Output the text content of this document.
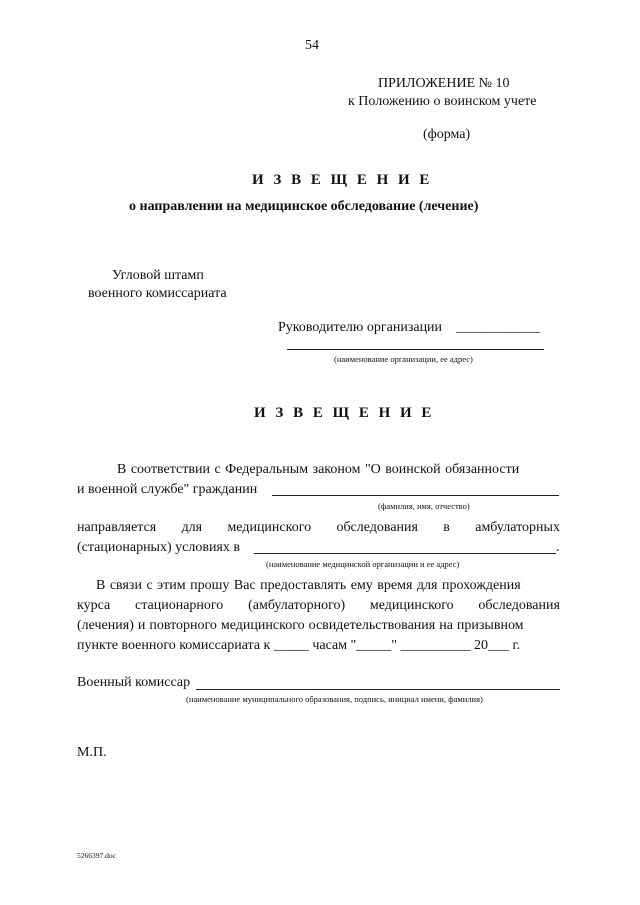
54
ПРИЛОЖЕНИЕ № 10
к Положению о воинском учете
(форма)
И З В Е Щ Е Н И Е
о направлении на медицинское обследование (лечение)
Угловой штамп
военного комиссариата
Руководителю организации ____________
(наименование организации, ее адрес)
И З В Е Щ Е Н И Е
В соответствии с Федеральным законом "О воинской обязанности
и военной службе" гражданин
(фамилия, имя, отчество)
направляется для медицинского обследования в амбулаторных
(стационарных) условиях в	.
(наименование медицинской организации и ее адрес)
В связи с этим прошу Вас предоставлять ему время для прохождения
курса стационарного (амбулаторного) медицинского обследования
(лечения) и повторного медицинского освидетельствования на призывном
пункте военного комиссариата к _____ часам "_____" __________ 20___ г.
Военный комиссар
(наименование муниципального образования, подпись, инициал имени, фамилия)
М.П.
5266397.doc
